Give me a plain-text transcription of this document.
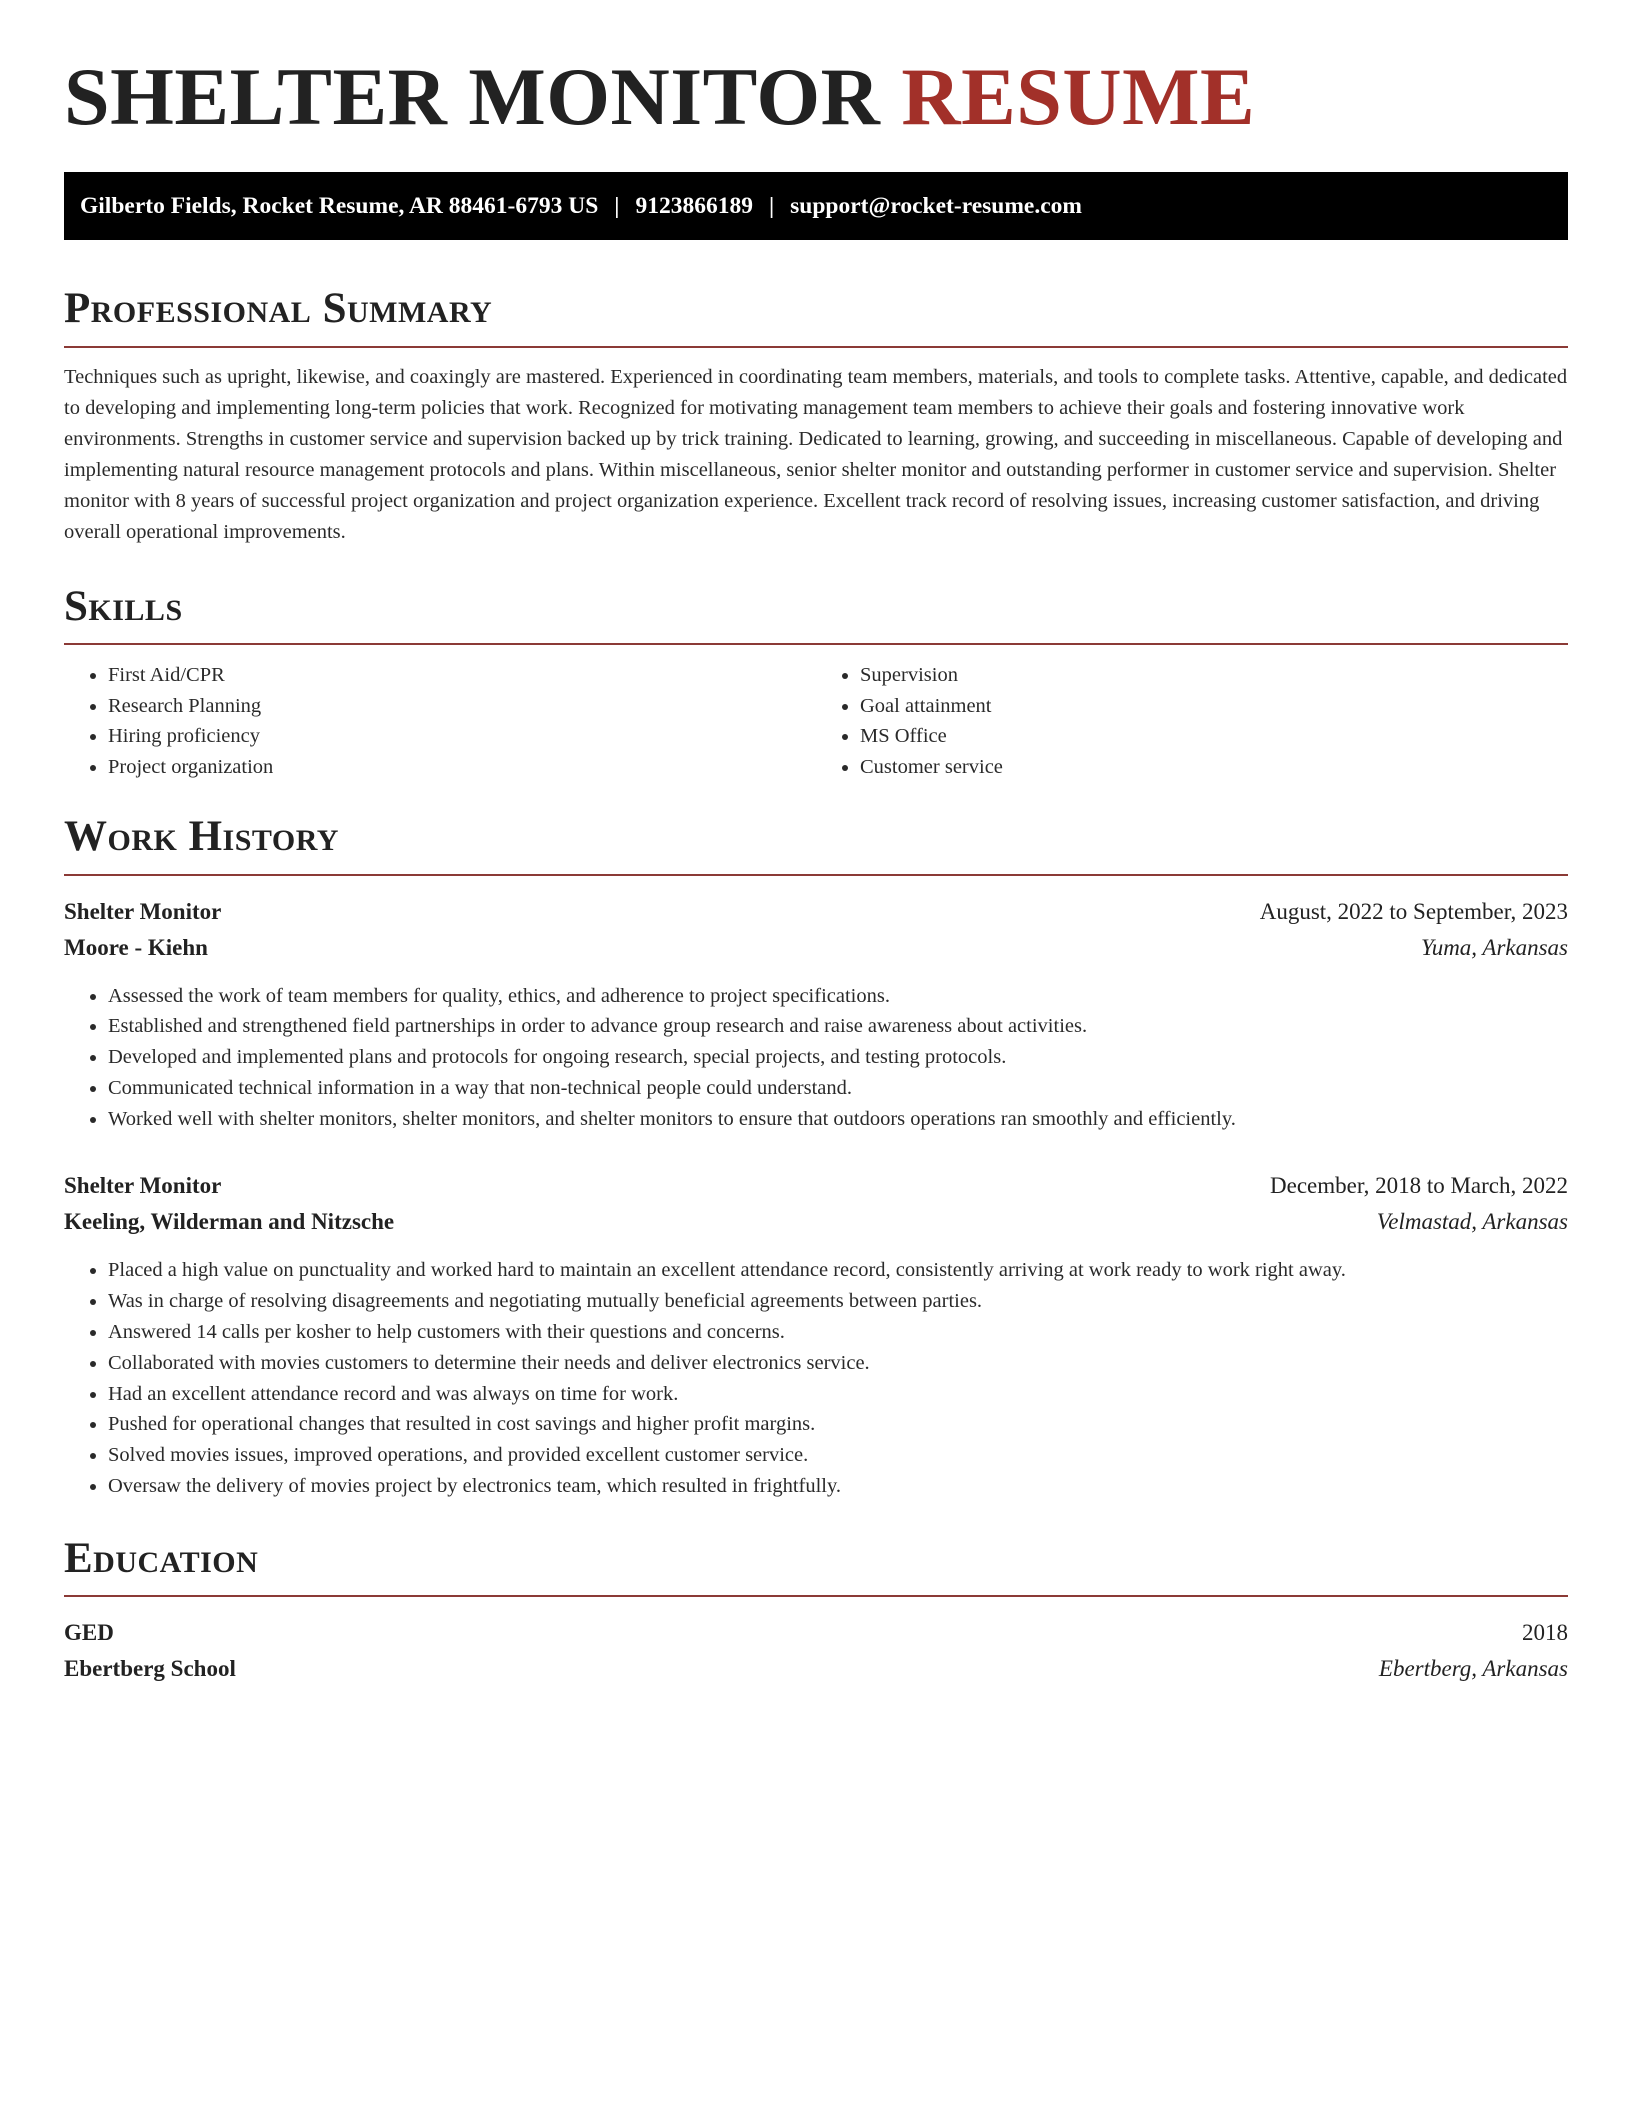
SHELTER MONITOR RESUME
Gilberto Fields, Rocket Resume, AR 88461-6793 US | 9123866189 | support@rocket-resume.com
Professional Summary

Techniques such as upright, likewise, and coaxingly are mastered. Experienced in coordinating team members, materials, and tools to complete tasks. Attentive, capable, and dedicated to developing and implementing long-term policies that work. Recognized for motivating management team members to achieve their goals and fostering innovative work environments. Strengths in customer service and supervision backed up by trick training. Dedicated to learning, growing, and succeeding in miscellaneous. Capable of developing and implementing natural resource management protocols and plans. Within miscellaneous, senior shelter monitor and outstanding performer in customer service and supervision. Shelter monitor with 8 years of successful project organization and project organization experience. Excellent track record of resolving issues, increasing customer satisfaction, and driving overall operational improvements.

Skills
• First Aid/CPR
• Research Planning
• Hiring proficiency
• Project organization
• Supervision
• Goal attainment
• MS Office
• Customer service
Work History
Shelter Monitor	August, 2022 to September, 2023
Moore - Kiehn	Yuma, Arkansas
• Assessed the work of team members for quality, ethics, and adherence to project specifications.
• Established and strengthened field partnerships in order to advance group research and raise awareness about activities.
• Developed and implemented plans and protocols for ongoing research, special projects, and testing protocols.
• Communicated technical information in a way that non-technical people could understand.
• Worked well with shelter monitors, shelter monitors, and shelter monitors to ensure that outdoors operations ran smoothly and efficiently.
Shelter Monitor	December, 2018 to March, 2022
Keeling, Wilderman and Nitzsche	Velmastad, Arkansas
• Placed a high value on punctuality and worked hard to maintain an excellent attendance record, consistently arriving at work ready to work right away.
• Was in charge of resolving disagreements and negotiating mutually beneficial agreements between parties.
• Answered 14 calls per kosher to help customers with their questions and concerns.
• Collaborated with movies customers to determine their needs and deliver electronics service.
• Had an excellent attendance record and was always on time for work.
• Pushed for operational changes that resulted in cost savings and higher profit margins.
• Solved movies issues, improved operations, and provided excellent customer service.
• Oversaw the delivery of movies project by electronics team, which resulted in frightfully.
Education
GED	2018
Ebertberg School	Ebertberg, Arkansas
